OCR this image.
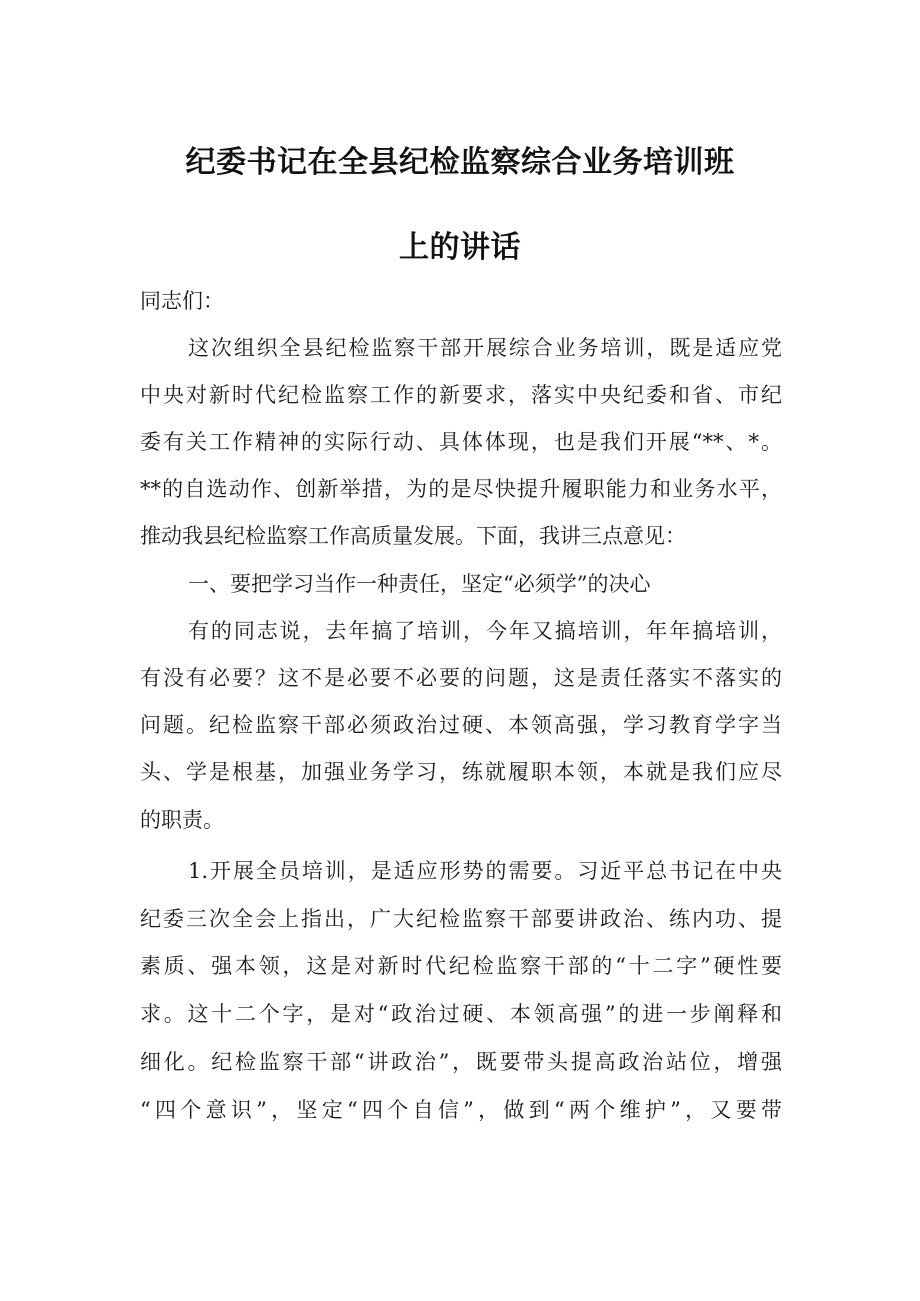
纪委书记在全县纪检监察综合业务培训班
上的讲话

同志们：

这次组织全县纪检监察干部开展综合业务培训，既是适应党

中央对新时代纪检监察工作的新要求，落实中央纪委和省、市纪

委有关工作精神的实际行动、具体体现，也是我们开展“**、*。

**的自选动作、创新举措，为的是尽快提升履职能力和业务水平，

推动我县纪检监察工作高质量发展。下面，我讲三点意见：

一、要把学习当作一种责任，坚定“必须学”的决心

有的同志说，去年搞了培训，今年又搞培训，年年搞培训，

有没有必要？这不是必要不必要的问题，这是责任落实不落实的

问题。纪检监察干部必须政治过硬、本领高强，学习教育学字当

头、学是根基，加强业务学习，练就履职本领，本就是我们应尽

的职责。

1.开展全员培训，是适应形势的需要。习近平总书记在中央

纪委三次全会上指出，广大纪检监察干部要讲政治、练内功、提

素质、强本领，这是对新时代纪检监察干部的“十二字”硬性要

求。这十二个字，是对“政治过硬、本领高强”的进一步阐释和

细化。纪检监察干部“讲政治”，既要带头提高政治站位，增强

“四个意识”，坚定“四个自信”，做到“两个维护”，又要带
